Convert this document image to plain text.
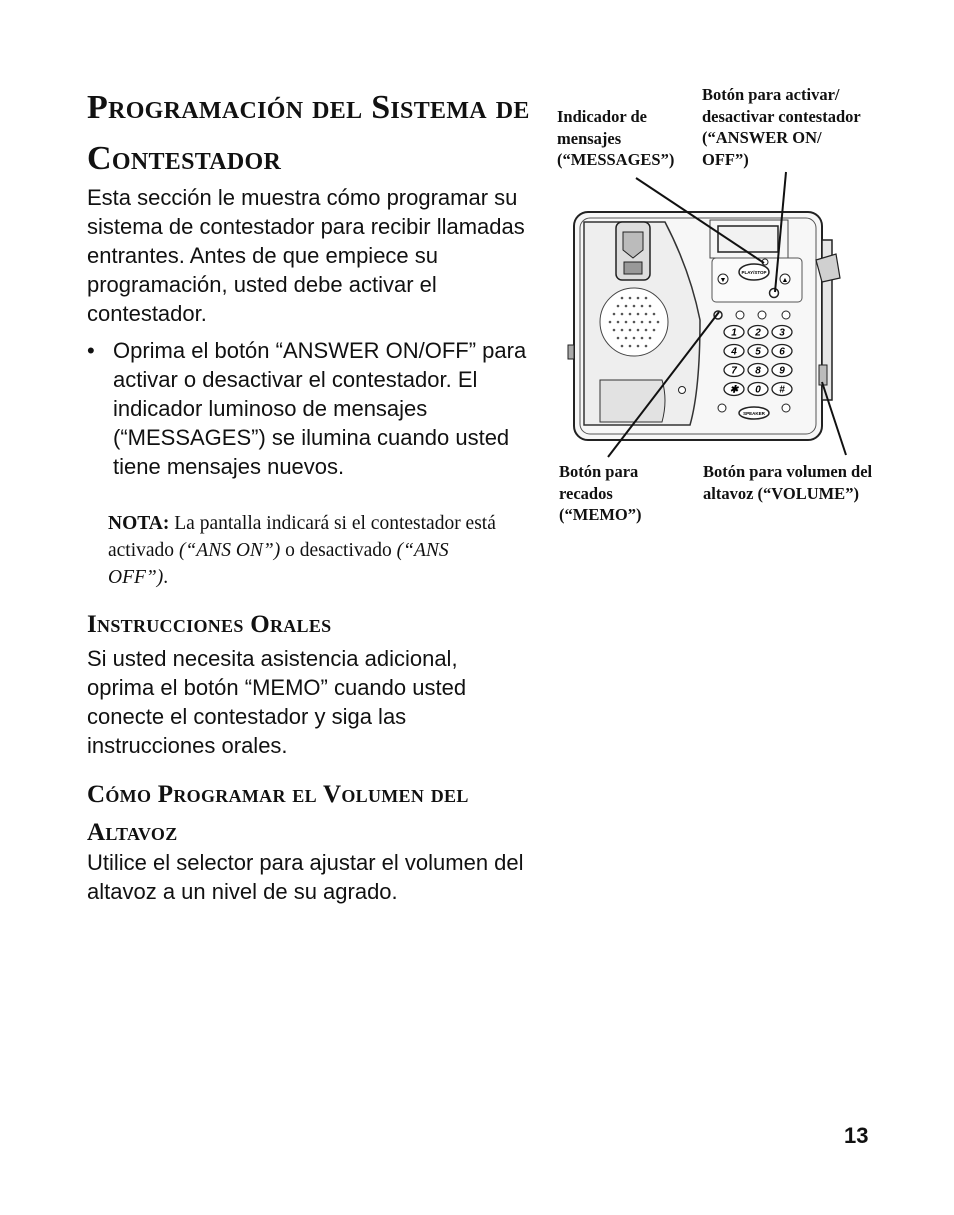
Programación del Sistema de Contestador

Esta sección le muestra cómo programar su sistema de contestador para recibir llamadas entrantes. Antes de que empiece su programación, usted debe activar el contestador.

• Oprima el botón “ANSWER ON/OFF” para activar o desactivar el contestador. El indicador luminoso de mensajes (“MESSAGES”) se ilumina cuando usted tiene mensajes nuevos.

NOTA: La pantalla indicará si el contestador está activado (“ANS ON”) o desactivado (“ANS OFF”).

Instrucciones Orales

Si usted necesita asistencia adicional, oprima el botón “MEMO” cuando usted conecte el contestador y siga las instrucciones orales.

Cómo Programar el Volumen del Altavoz

Utilice el selector para ajustar el volumen del altavoz a un nivel de su agrado.

Indicador de mensajes (“MESSAGES”)

Botón para activar/ desactivar contestador (“ANSWER ON/ OFF”)

Botón para recados (“MEMO”)

Botón para volumen del altavoz (“VOLUME”)

▼
PLAY/STOP
▲
1 2 3
4 5 6
7 8 9
✱ 0 #
SPEAKER
13
